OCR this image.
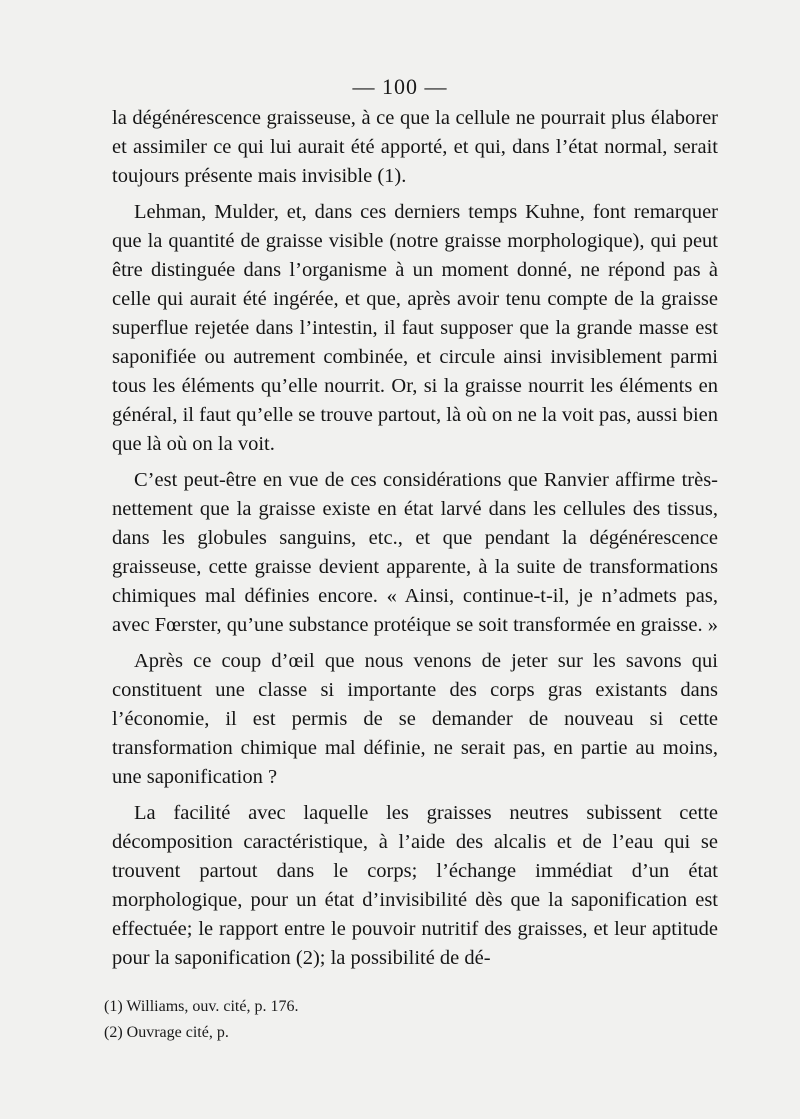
— 100 —

la dégénérescence graisseuse, à ce que la cellule ne pourrait plus élaborer et assimiler ce qui lui aurait été apporté, et qui, dans l’état normal, serait toujours présente mais invisible (1).

Lehman, Mulder, et, dans ces derniers temps Kuhne, font remarquer que la quantité de graisse visible (notre graisse morphologique), qui peut être distinguée dans l’organisme à un moment donné, ne répond pas à celle qui aurait été ingérée, et que, après avoir tenu compte de la graisse superflue rejetée dans l’intestin, il faut supposer que la grande masse est saponifiée ou autrement combinée, et circule ainsi invisiblement parmi tous les éléments qu’elle nourrit. Or, si la graisse nourrit les éléments en général, il faut qu’elle se trouve partout, là où on ne la voit pas, aussi bien que là où on la voit.

C’est peut-être en vue de ces considérations que Ranvier affirme très-nettement que la graisse existe en état larvé dans les cellules des tissus, dans les globules sanguins, etc., et que pendant la dégénérescence graisseuse, cette graisse devient apparente, à la suite de transformations chimiques mal définies encore. « Ainsi, continue-t-il, je n’admets pas, avec Fœrster, qu’une substance protéique se soit transformée en graisse. »

Après ce coup d’œil que nous venons de jeter sur les savons qui constituent une classe si importante des corps gras existants dans l’économie, il est permis de se demander de nouveau si cette transformation chimique mal définie, ne serait pas, en partie au moins, une saponification ?

La facilité avec laquelle les graisses neutres subissent cette décomposition caractéristique, à l’aide des alcalis et de l’eau qui se trouvent partout dans le corps; l’échange immédiat d’un état morphologique, pour un état d’invisibilité dès que la saponification est effectuée; le rapport entre le pouvoir nutritif des graisses, et leur aptitude pour la saponification (2); la possibilité de dé-

(1) Williams, ouv. cité, p. 176.

(2) Ouvrage cité, p.
